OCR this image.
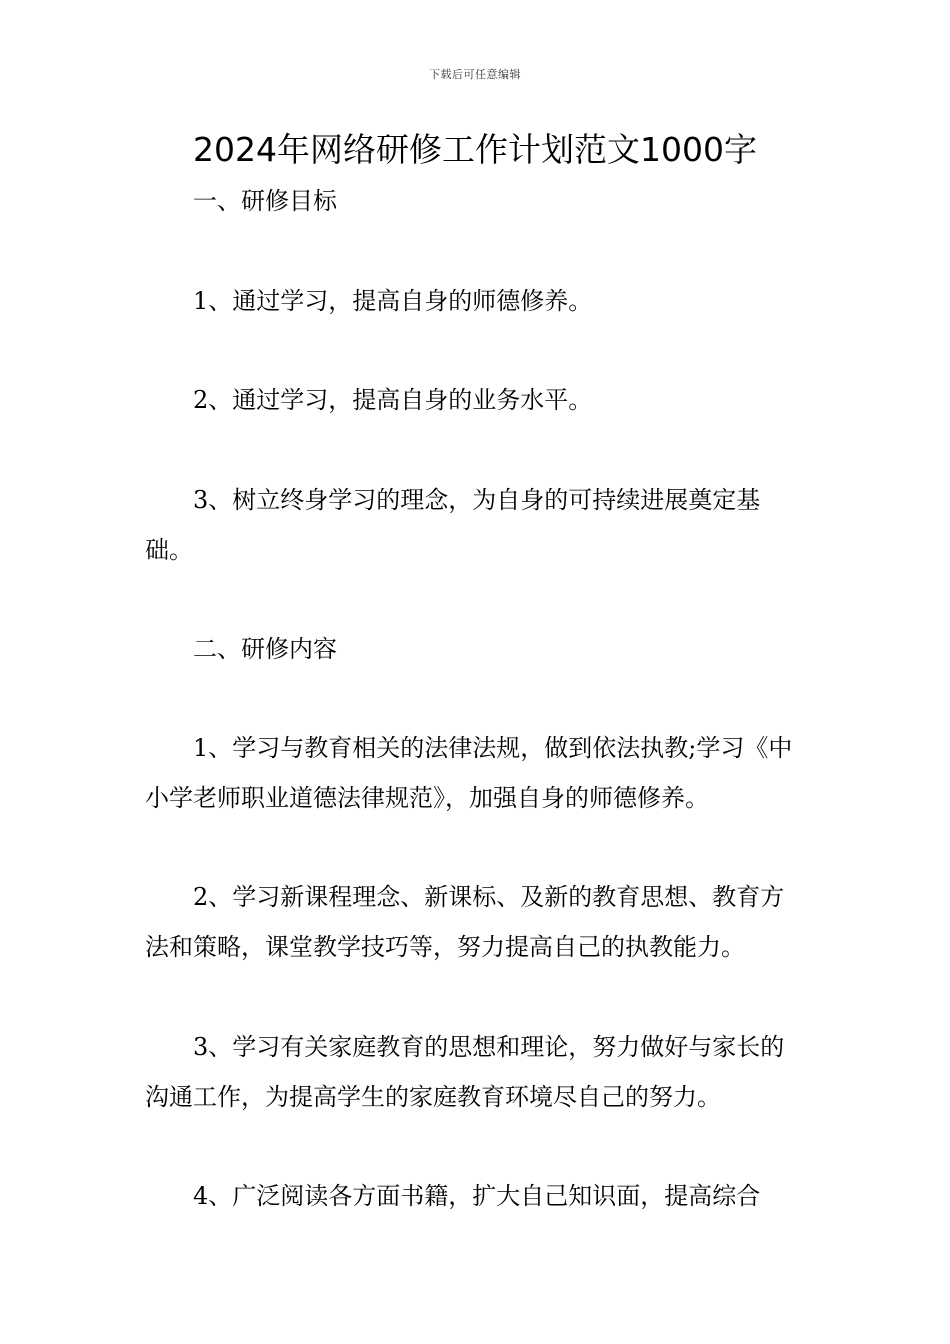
下载后可任意编辑
2024年网络研修工作计划范文1000字

一、研修目标

1、通过学习，提高自身的师德修养。

2、通过学习，提高自身的业务水平。

3、树立终身学习的理念，为自身的可持续进展奠定基础。

二、研修内容

1、学习与教育相关的法律法规，做到依法执教;学习《中小学老师职业道德法律规范》，加强自身的师德修养。

2、学习新课程理念、新课标、及新的教育思想、教育方法和策略，课堂教学技巧等，努力提高自己的执教能力。

3、学习有关家庭教育的思想和理论，努力做好与家长的沟通工作，为提高学生的家庭教育环境尽自己的努力。

4、广泛阅读各方面书籍，扩大自己知识面，提高综合
